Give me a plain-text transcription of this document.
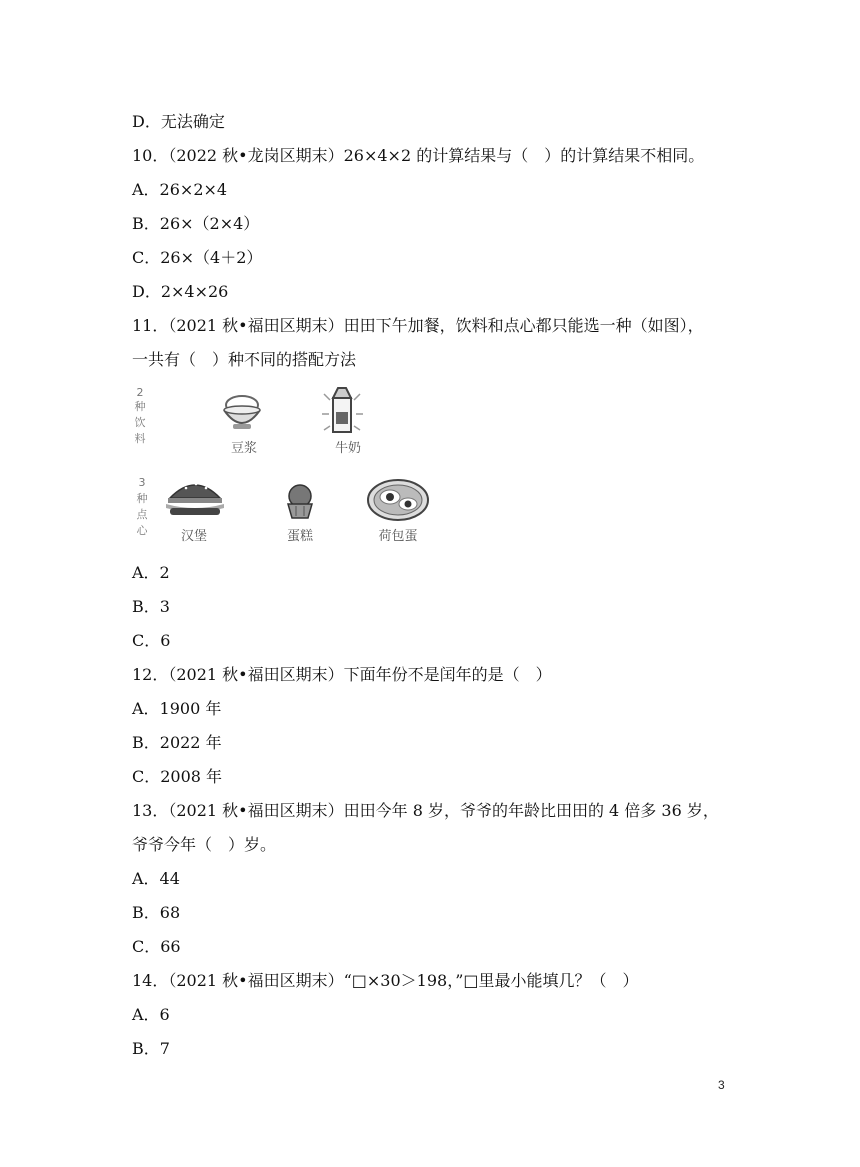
D．无法确定
10．（2022 秋•龙岗区期末）26×4×2 的计算结果与（　）的计算结果不相同。
A．26×2×4
B．26×（2×4）
C．26×（4＋2）
D．2×4×26
11．（2021 秋•福田区期末）田田下午加餐，饮料和点心都只能选一种（如图），
一共有（　）种不同的搭配方法
2
种
饮
料
豆浆	牛奶
3
种
点
心	汉堡	蛋糕	荷包蛋
A．2
B．3
C．6
12．（2021 秋•福田区期末）下面年份不是闰年的是（　）
A．1900 年
B．2022 年
C．2008 年
13．（2021 秋•福田区期末）田田今年 8 岁，爷爷的年龄比田田的 4 倍多 36 岁，
爷爷今年（　）岁。
A．44
B．68
C．66
14．（2021 秋•福田区期末）“□×30＞198，”□里最小能填几？（　）
A．6
B．7
3
